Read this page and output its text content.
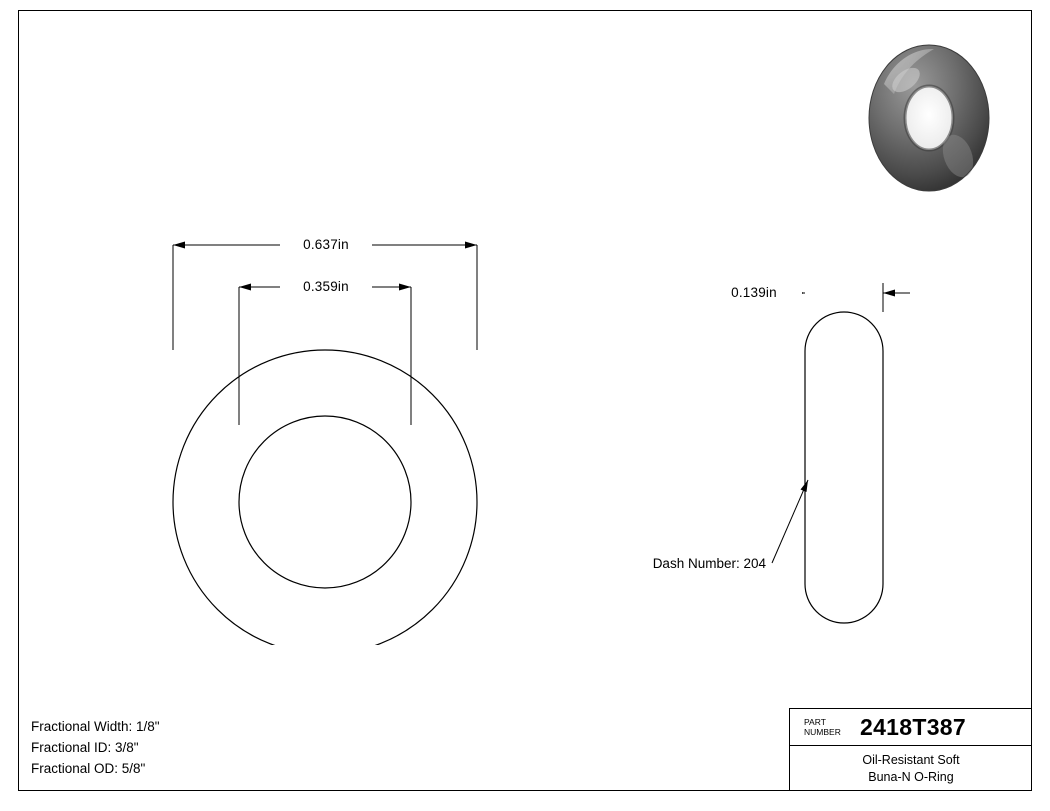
0.637in
0.359in	0.139in
Dash Number: 204
Fractional Width: 1/8"
Fractional ID: 3/8"
Fractional OD: 5/8"
PART
NUMBER 2418T387
Oil-Resistant Soft
Buna-N O-Ring
